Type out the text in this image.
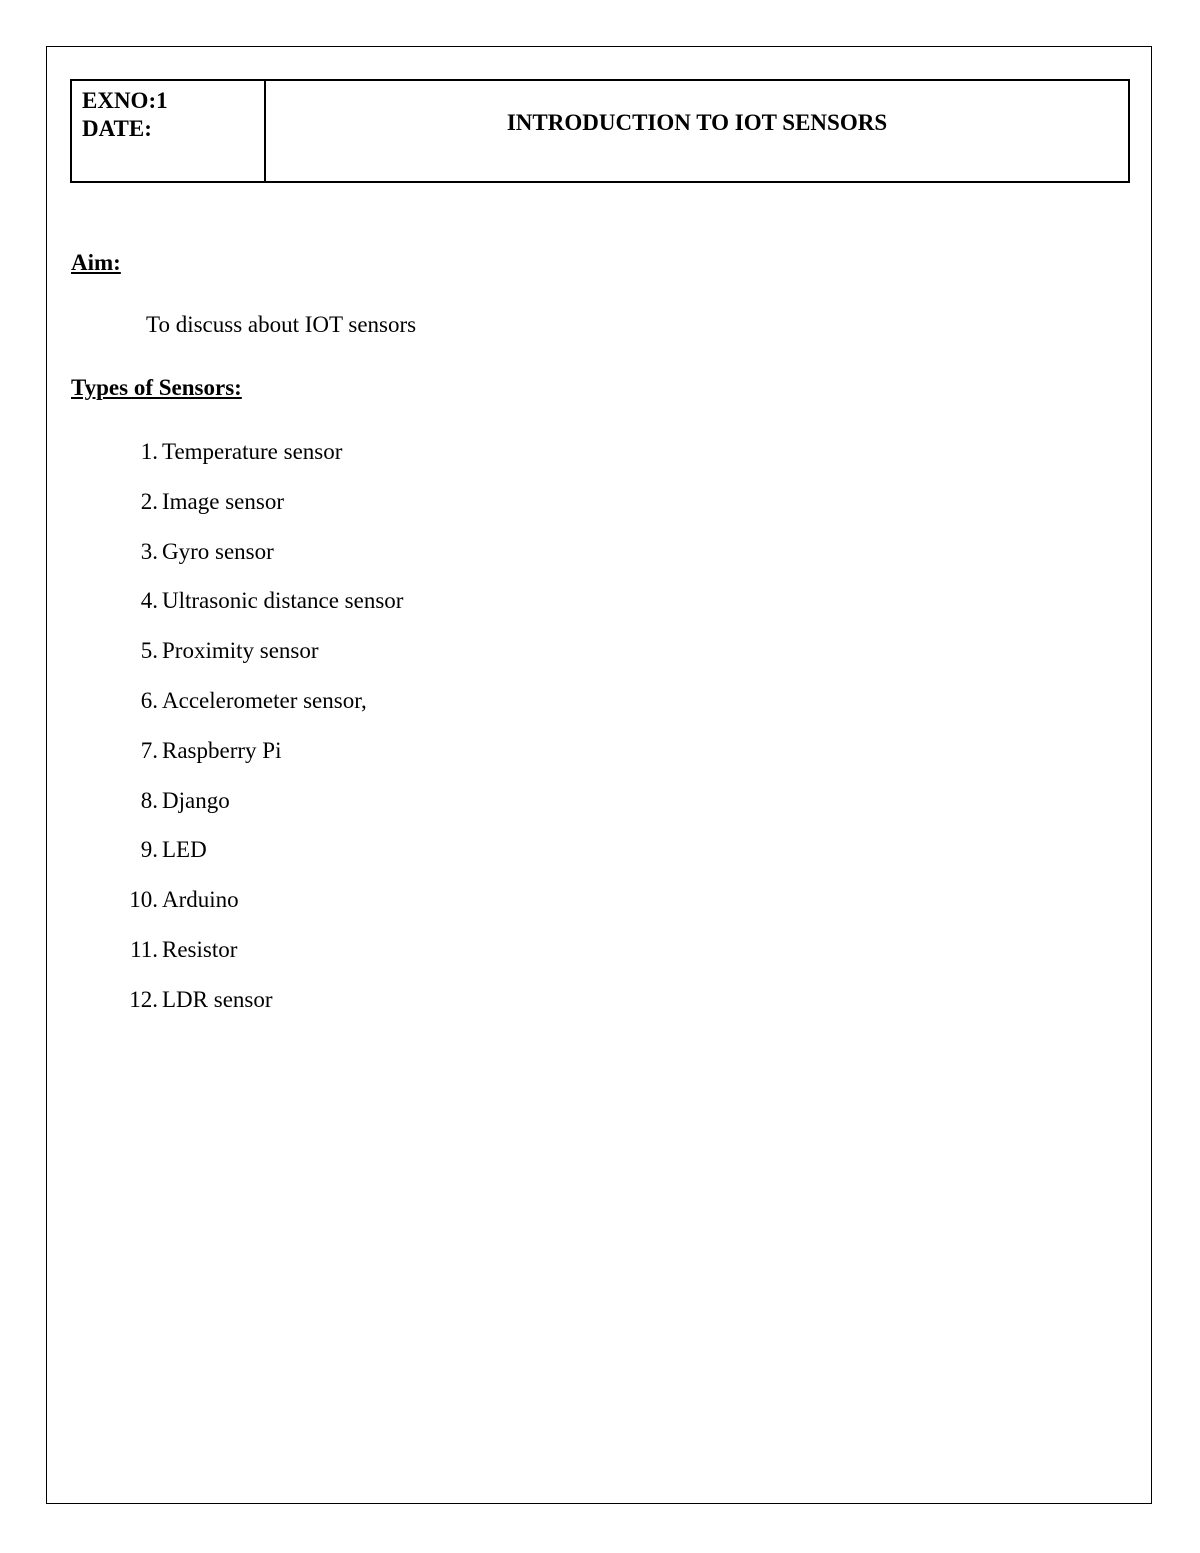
EXNO:1
DATE:	INTRODUCTION TO IOT SENSORS
Aim:
To discuss about IOT sensors
Types of Sensors:
1. Temperature sensor
2. Image sensor
3. Gyro sensor
4. Ultrasonic distance sensor
5. Proximity sensor
6. Accelerometer sensor,
7. Raspberry Pi
8. Django
9. LED
10. Arduino
11. Resistor
12. LDR sensor
